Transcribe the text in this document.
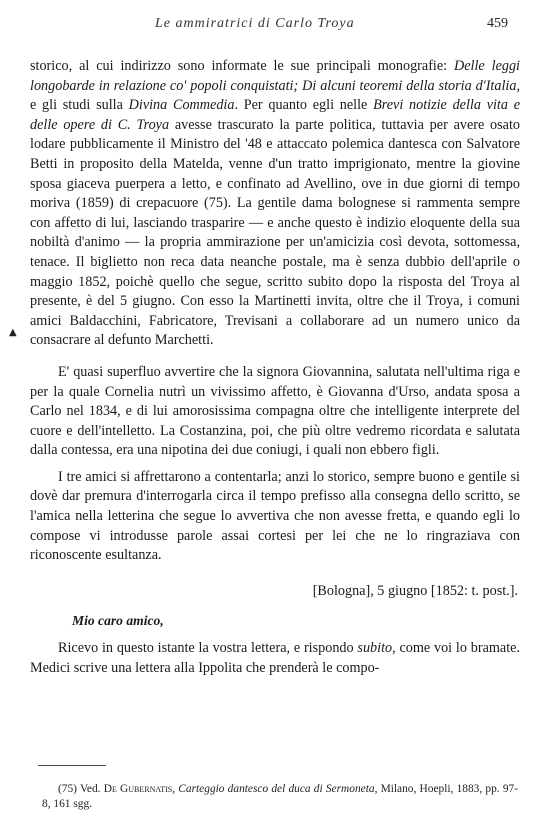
Le ammiratrici di Carlo Troya	459
▲

storico, al cui indirizzo sono informate le sue principali monografie: Delle leggi longobarde in relazione co' popoli conquistati; Di alcuni teoremi della storia d'Italia, e gli studi sulla Divina Commedia. Per quanto egli nelle Brevi notizie della vita e delle opere di C. Troya avesse trascurato la parte politica, tuttavia per avere osato lodare pubblicamente il Ministro del '48 e attaccato polemica dantesca con Salvatore Betti in proposito della Matelda, venne d'un tratto imprigionato, mentre la giovine sposa giaceva puerpera a letto, e confinato ad Avellino, ove in due giorni di tempo moriva (1859) di crepacuore (75). La gentile dama bolognese si rammenta sempre con affetto di lui, lasciando trasparire — e anche questo è indizio eloquente della sua nobiltà d'animo — la propria ammirazione per un'amicizia così devota, sottomessa, tenace. Il biglietto non reca data neanche postale, ma è senza dubbio dell'aprile o maggio 1852, poichè quello che segue, scritto subito dopo la risposta del Troya al presente, è del 5 giugno. Con esso la Martinetti invita, oltre che il Troya, i comuni amici Baldacchini, Fabricatore, Trevisani a collaborare ad un numero unico da consacrare al defunto Marchetti.

E' quasi superfluo avvertire che la signora Giovannina, salutata nell'ultima riga e per la quale Cornelia nutrì un vivissimo affetto, è Giovanna d'Urso, andata sposa a Carlo nel 1834, e di lui amorosissima compagna oltre che intelligente interprete del cuore e dell'intelletto. La Costanzina, poi, che più oltre vedremo ricordata e salutata dalla contessa, era una nipotina dei due coniugi, i quali non ebbero figli.

I tre amici si affrettarono a contentarla; anzi lo storico, sempre buono e gentile si dovè dar premura d'interrogarla circa il tempo prefisso alla consegna dello scritto, se l'amica nella letterina che segue lo avvertiva che non avesse fretta, e quando egli lo compose vi introdusse parole assai cortesi per lei che ne lo ringraziava con riconoscente esultanza.

[Bologna], 5 giugno [1852: t. post.].

Mio caro amico,

Ricevo in questo istante la vostra lettera, e rispondo subito, come voi lo bramate. Medici scrive una lettera alla Ippolita che prenderà le compo-

(75) Ved. De Gubernatis, Carteggio dantesco del duca di Sermoneta, Milano, Hoepli, 1883, pp. 97-8, 161 sgg.
